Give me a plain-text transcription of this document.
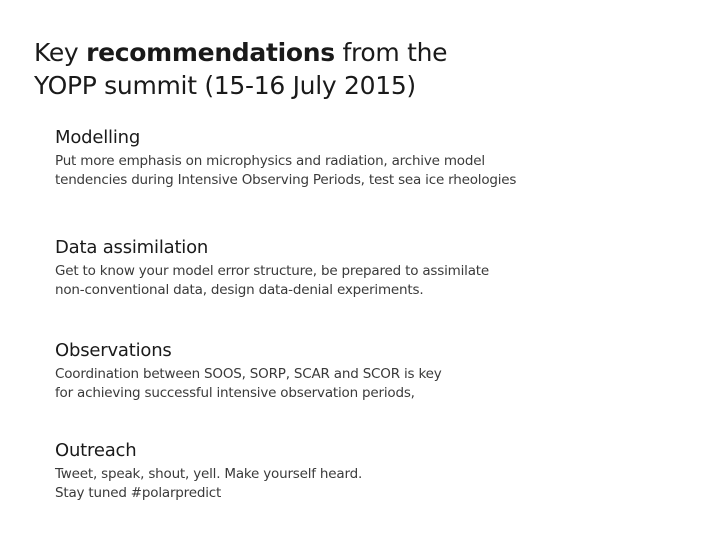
Key recommendations from the
YOPP summit (15-16 July 2015)
Modelling

Put more emphasis on microphysics and radiation, archive model
tendencies during Intensive Observing Periods, test sea ice rheologies

Data assimilation

Get to know your model error structure, be prepared to assimilate
non-conventional data, design data-denial experiments.

Observations

Coordination between SOOS, SORP, SCAR and SCOR is key
for achieving successful intensive observation periods,

Outreach

Tweet, speak, shout, yell. Make yourself heard.
Stay tuned #polarpredict
